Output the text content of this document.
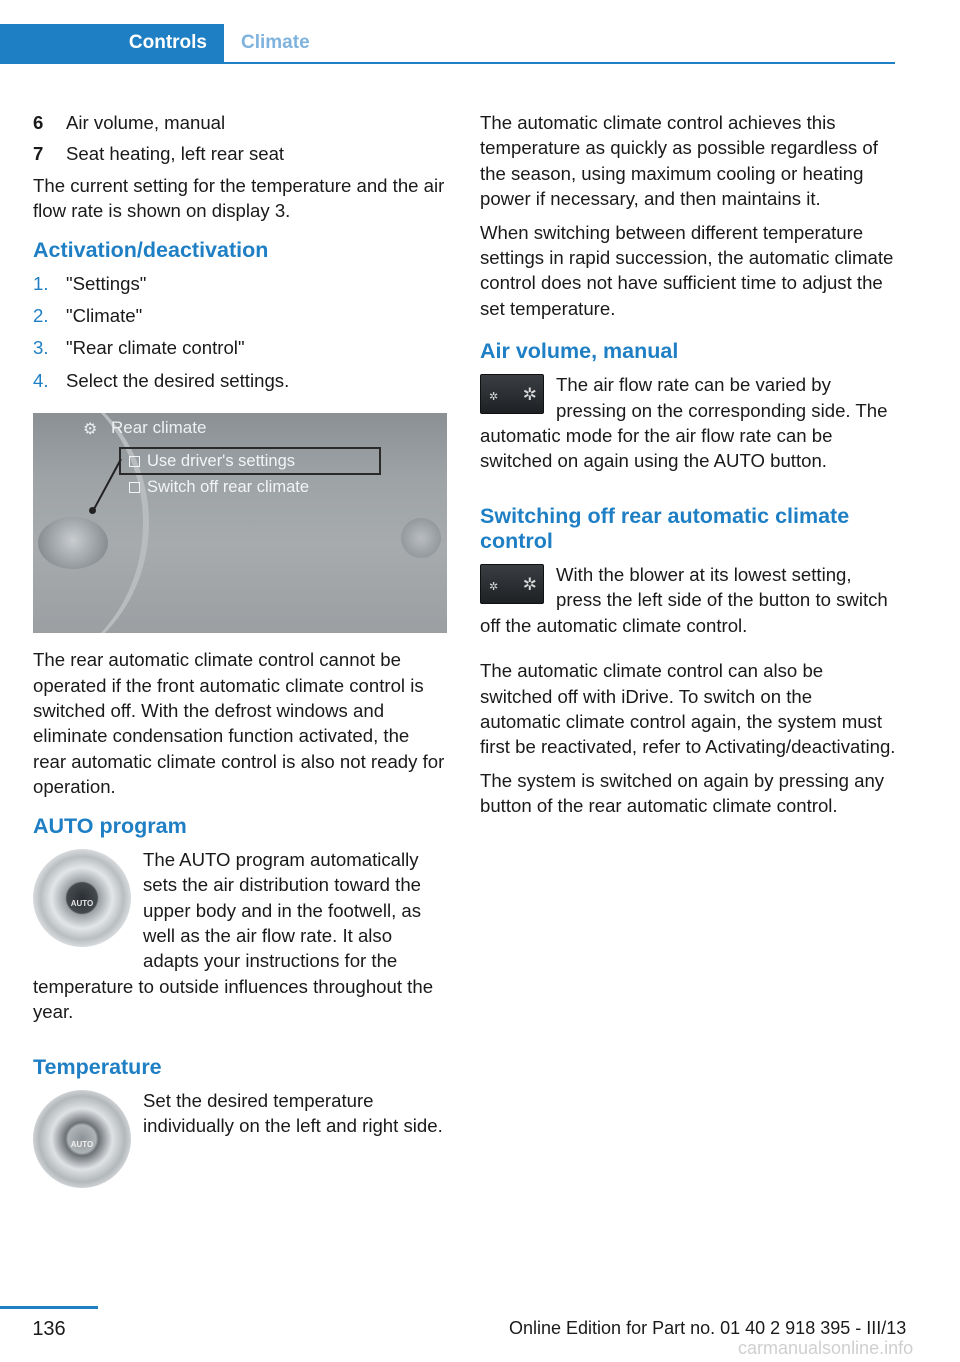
Controls	Climate
6	Air volume, manual
7	Seat heating, left rear seat

The current setting for the temperature and the air flow rate is shown on display 3.

Activation/deactivation
1. "Settings"
2. "Climate"
3. "Rear climate control"
4. Select the desired settings.
⚙ Rear climate
Use driver's settings
Switch off rear climate

The rear automatic climate control cannot be operated if the front automatic climate control is switched off. With the defrost windows and eliminate condensation function activated, the rear automatic climate control is also not ready for operation.

AUTO program
AUTO

The AUTO program automatically sets the air distribution toward the upper body and in the footwell, as well as the air flow rate. It also adapts your instructions for the temperature to outside influences throughout the year.

Temperature
AUTO

Set the desired temperature individually on the left and right side.

The automatic climate control achieves this temperature as quickly as possible regardless of the season, using maximum cooling or heating power if necessary, and then maintains it.

When switching between different temperature settings in rapid succession, the automatic climate control does not have sufficient time to adjust the set temperature.

Air volume, manual
✲ ✲	The air flow rate can be varied by pressing on the corresponding side. The automatic mode for the air flow rate can be switched on again using the AUTO button.

Switching off rear automatic climate control
✲ ✲	With the blower at its lowest setting, press the left side of the button to switch off the automatic climate control.

The automatic climate control can also be switched off with iDrive. To switch on the automatic climate control again, the system must first be reactivated, refer to Activating/deactivating.

The system is switched on again by pressing any button of the rear automatic climate control.

136	Online Edition for Part no. 01 40 2 918 395 - III/13
carmanualsonline.info
